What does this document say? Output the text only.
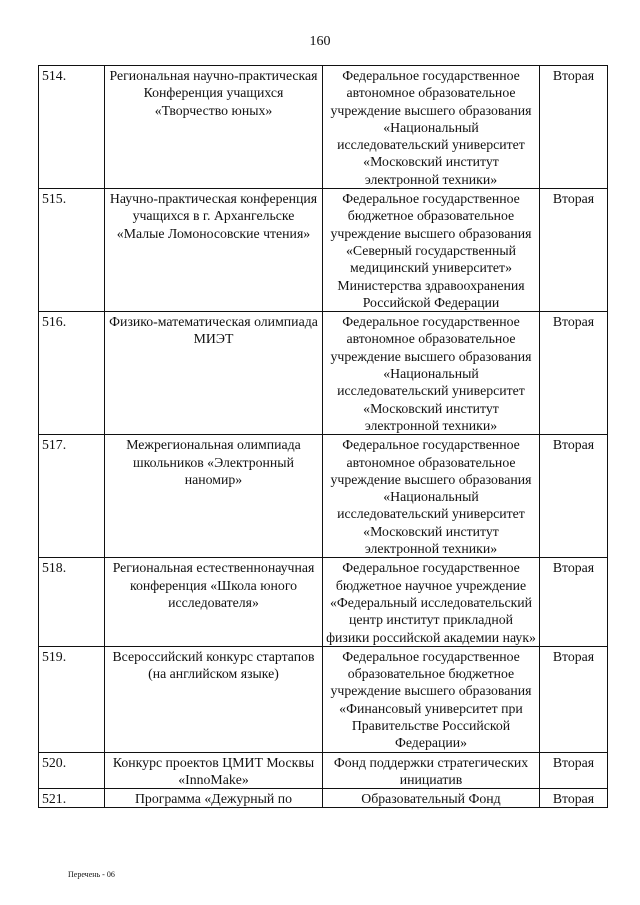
160
514.	Региональная научно-практическая Конференция учащихся «Творчество юных»	Федеральное государственное автономное образовательное учреждение высшего образования «Национальный исследовательский университет «Московский институт электронной техники»	Вторая
515.	Научно-практическая конференция учащихся в г. Архангельске «Малые Ломоносовские чтения»	Федеральное государственное бюджетное образовательное учреждение высшего образования «Северный государственный медицинский университет» Министерства здравоохранения Российской Федерации	Вторая
516.	Физико-математическая олимпиада МИЭТ	Федеральное государственное автономное образовательное учреждение высшего образования «Национальный исследовательский университет «Московский институт электронной техники»	Вторая
517.	Межрегиональная олимпиада школьников «Электронный наномир»	Федеральное государственное автономное образовательное учреждение высшего образования «Национальный исследовательский университет «Московский институт электронной техники»	Вторая
518.	Региональная естественнонаучная конференция «Школа юного исследователя»	Федеральное государственное бюджетное научное учреждение «Федеральный исследовательский центр институт прикладной физики российской академии наук»	Вторая
519.	Всероссийский конкурс стартапов (на английском языке)	Федеральное государственное образовательное бюджетное учреждение высшего образования «Финансовый университет при Правительстве Российской Федерации»	Вторая
520.	Конкурс проектов ЦМИТ Москвы «InnoMake»	Фонд поддержки стратегических инициатив	Вторая
521.	Программа «Дежурный по	Образовательный Фонд	Вторая
Перечень - 06
